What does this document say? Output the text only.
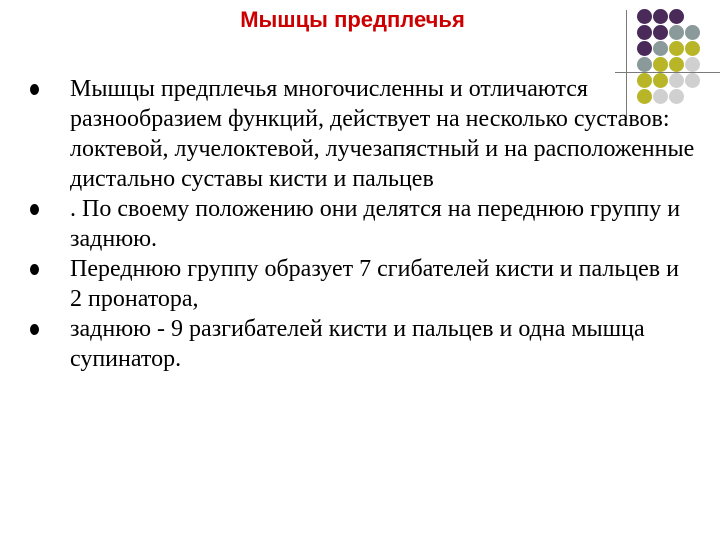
Мышцы предплечья
Мышцы предплечья многочисленны и отличаются разнообразием функций, действует на несколько суставов: локтевой, лучелоктевой, лучезапястный и на расположенные дистально суставы кисти и пальцев
. По своему положению они делятся на переднюю группу и заднюю.
Переднюю группу образует 7 сгибателей кисти и пальцев и 2 пронатора,
заднюю - 9 разгибателей кисти и пальцев и одна мышца супинатор.
